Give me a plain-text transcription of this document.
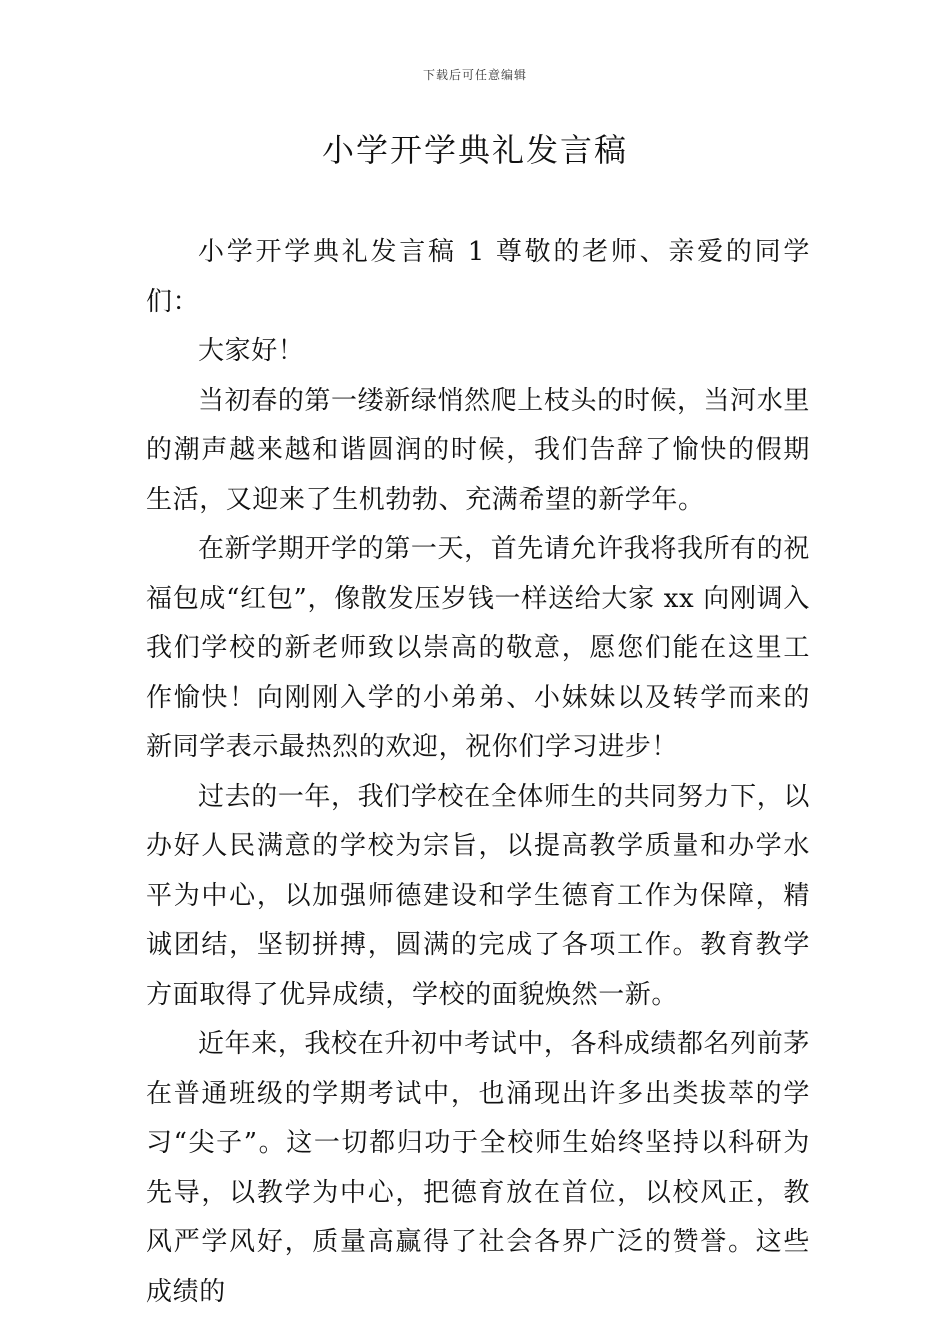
下载后可任意编辑
小学开学典礼发言稿

小学开学典礼发言稿 1 尊敬的老师、亲爱的同学们：

大家好！

当初春的第一缕新绿悄然爬上枝头的时候，当河水里的潮声越来越和谐圆润的时候，我们告辞了愉快的假期生活，又迎来了生机勃勃、充满希望的新学年。

在新学期开学的第一天，首先请允许我将我所有的祝福包成“红包”，像散发压岁钱一样送给大家 xx 向刚调入我们学校的新老师致以崇高的敬意，愿您们能在这里工作愉快！向刚刚入学的小弟弟、小妹妹以及转学而来的新同学表示最热烈的欢迎，祝你们学习进步！

过去的一年，我们学校在全体师生的共同努力下，以办好人民满意的学校为宗旨，以提高教学质量和办学水平为中心，以加强师德建设和学生德育工作为保障，精诚团结，坚韧拼搏，圆满的完成了各项工作。教育教学方面取得了优异成绩，学校的面貌焕然一新。

近年来，我校在升初中考试中，各科成绩都名列前茅在普通班级的学期考试中，也涌现出许多出类拔萃的学习“尖子”。这一切都归功于全校师生始终坚持以科研为先导，以教学为中心，把德育放在首位，以校风正，教风严学风好，质量高赢得了社会各界广泛的赞誉。这些成绩的
